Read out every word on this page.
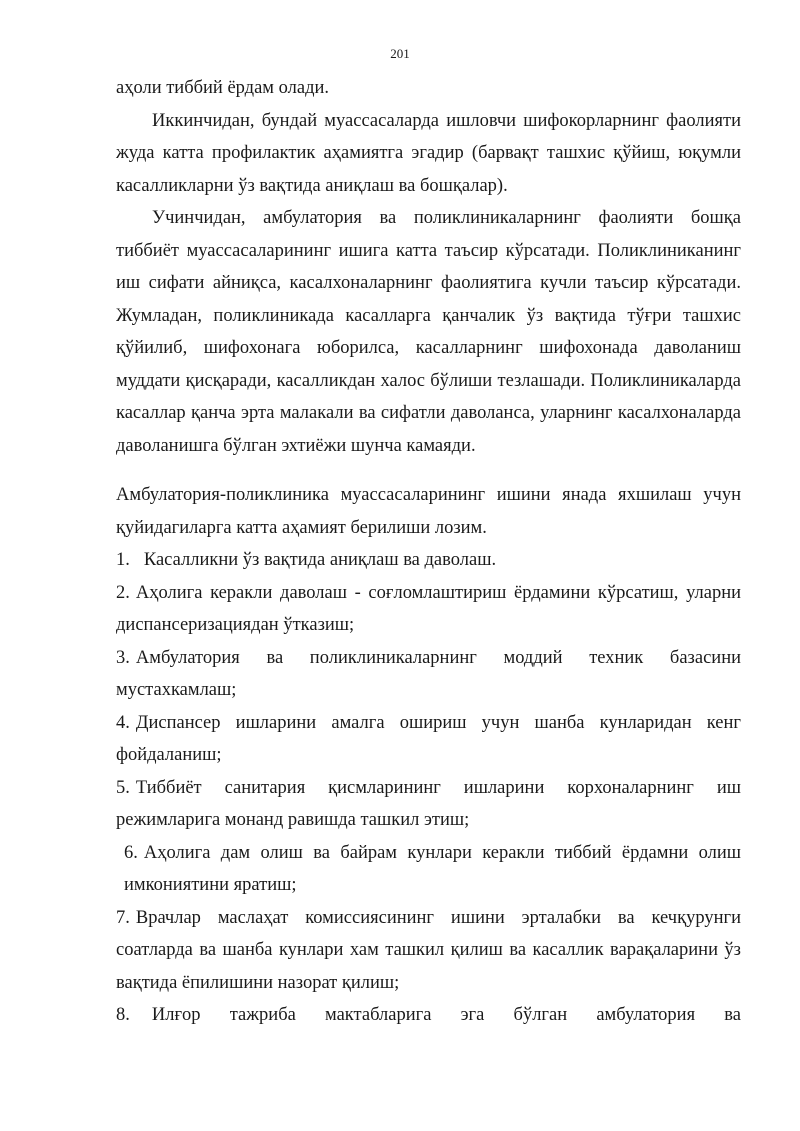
201

аҳоли тиббий ёрдам олади.

Иккинчидан, бундай муассасаларда ишловчи шифокорларнинг фаолияти жуда катта профилактик аҳамиятга эгадир (барвақт ташхис қўйиш, юқумли касалликларни ўз вақтида аниқлаш ва бошқалар).

Учинчидан, амбулатория ва поликлиникаларнинг фаолияти бошқа тиббиёт муассасаларининг ишига катта таъсир кўрсатади. Поликлиниканинг иш сифати айниқса, касалхоналарнинг фаолиятига кучли таъсир кўрсатади. Жумладан, поликлиникада касалларга қанчалик ўз вақтида тўғри ташхис қўйилиб, шифохонага юборилса, касалларнинг шифохонада даволаниш муддати қисқаради, касалликдан халос бўлиши тезлашади. Поликлиникаларда касаллар қанча эрта малакали ва сифатли даволанса, уларнинг касалхоналарда даволанишга бўлган эхтиёжи шунча камаяди.

Амбулатория-поликлиника муассасаларининг ишини янада яхшилаш учун қуйидагиларга катта аҳамият берилиши лозим.

1. Касалликни ўз вақтида аниқлаш ва даволаш.

2. Аҳолига керакли даволаш - соғломлаштириш ёрдамини кўрсатиш, уларни диспансеризациядан ўтказиш;

3. Амбулатория ва поликлиникаларнинг моддий техник базасини мустахкамлаш;

4. Диспансер ишларини амалга ошириш учун шанба кунларидан кенг фойдаланиш;

5. Тиббиёт санитария қисмларининг ишларини корхоналарнинг иш режимларига монанд равишда ташкил этиш;

6. Аҳолига дам олиш ва байрам кунлари керакли тиббий ёрдамни олиш имкониятини яратиш;

7. Врачлар маслаҳат комиссиясининг ишини эрталабки ва кечқурунги соатларда ва шанба кунлари хам ташкил қилиш ва касаллик варақаларини ўз вақтида ёпилишини назорат қилиш;

8. Илғор тажриба мактабларига эга бўлган амбулатория ва
